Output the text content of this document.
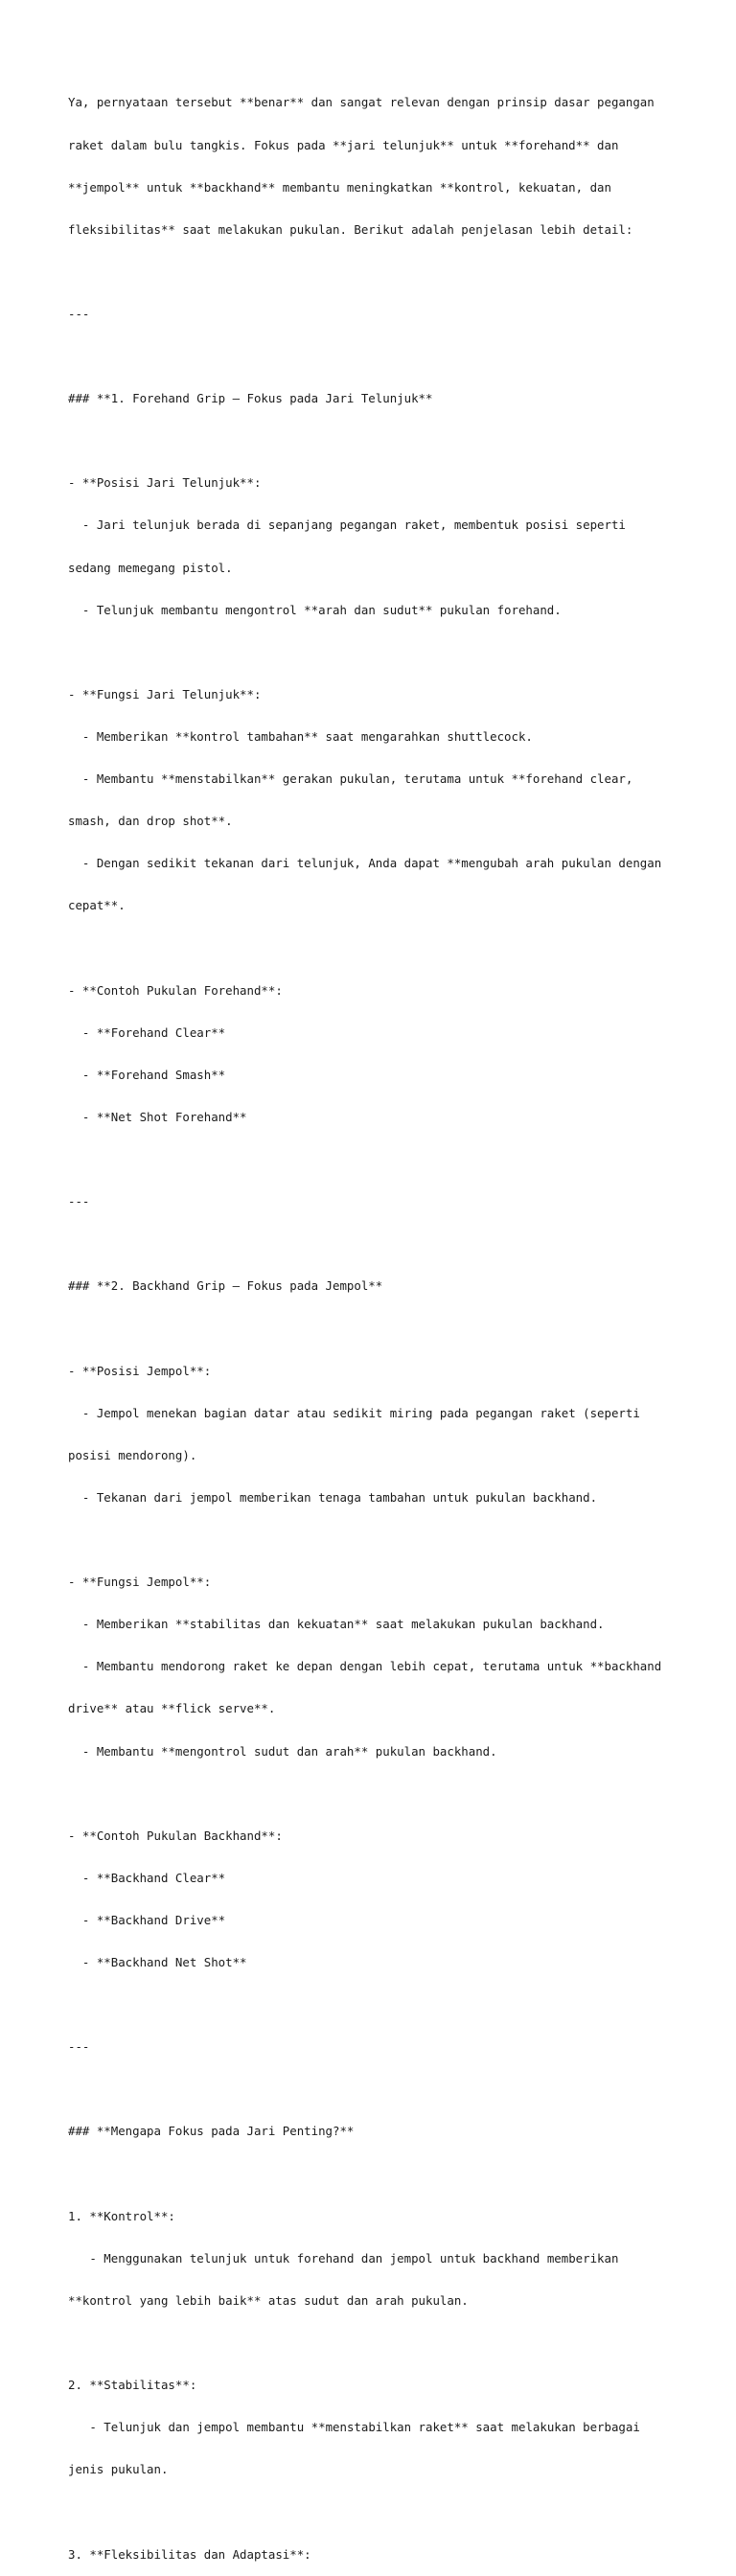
Ya, pernyataan tersebut **benar** dan sangat relevan dengan prinsip dasar pegangan

raket dalam bulu tangkis. Fokus pada **jari telunjuk** untuk **forehand** dan

**jempol** untuk **backhand** membantu meningkatkan **kontrol, kekuatan, dan

fleksibilitas** saat melakukan pukulan. Berikut adalah penjelasan lebih detail:

---

### **1. Forehand Grip – Fokus pada Jari Telunjuk**

- **Posisi Jari Telunjuk**:

- Jari telunjuk berada di sepanjang pegangan raket, membentuk posisi seperti

sedang memegang pistol.

- Telunjuk membantu mengontrol **arah dan sudut** pukulan forehand.

- **Fungsi Jari Telunjuk**:

- Memberikan **kontrol tambahan** saat mengarahkan shuttlecock.

- Membantu **menstabilkan** gerakan pukulan, terutama untuk **forehand clear,

smash, dan drop shot**.

- Dengan sedikit tekanan dari telunjuk, Anda dapat **mengubah arah pukulan dengan

cepat**.

- **Contoh Pukulan Forehand**:

- **Forehand Clear**

- **Forehand Smash**

- **Net Shot Forehand**

---

### **2. Backhand Grip – Fokus pada Jempol**

- **Posisi Jempol**:

- Jempol menekan bagian datar atau sedikit miring pada pegangan raket (seperti

posisi mendorong).

- Tekanan dari jempol memberikan tenaga tambahan untuk pukulan backhand.

- **Fungsi Jempol**:

- Memberikan **stabilitas dan kekuatan** saat melakukan pukulan backhand.

- Membantu mendorong raket ke depan dengan lebih cepat, terutama untuk **backhand

drive** atau **flick serve**.

- Membantu **mengontrol sudut dan arah** pukulan backhand.

- **Contoh Pukulan Backhand**:

- **Backhand Clear**

- **Backhand Drive**

- **Backhand Net Shot**

---

### **Mengapa Fokus pada Jari Penting?**

1. **Kontrol**:

- Menggunakan telunjuk untuk forehand dan jempol untuk backhand memberikan

**kontrol yang lebih baik** atas sudut dan arah pukulan.

2. **Stabilitas**:

- Telunjuk dan jempol membantu **menstabilkan raket** saat melakukan berbagai

jenis pukulan.

3. **Fleksibilitas dan Adaptasi**:
